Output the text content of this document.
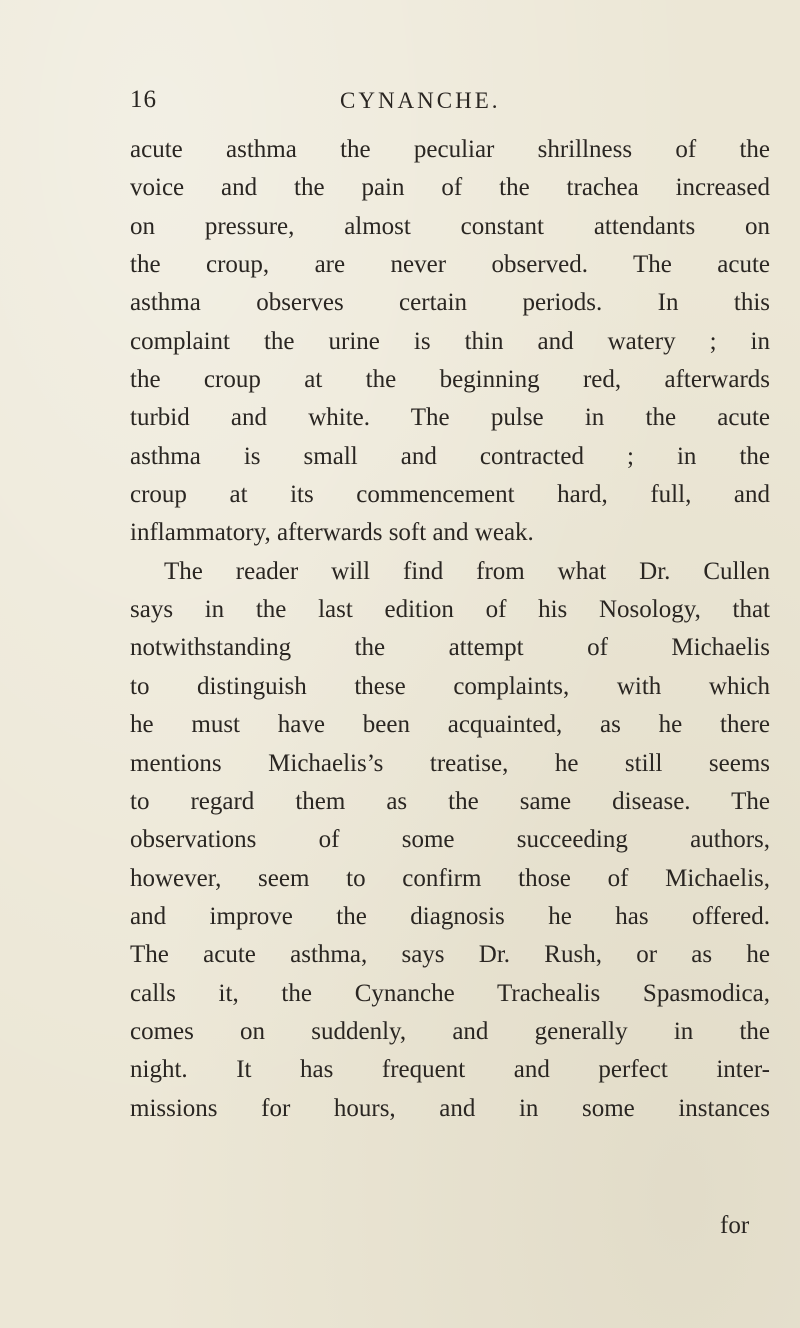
16	CYNANCHE.
acute asthma the peculiar shrillness of the
voice and the pain of the trachea increased
on pressure, almost constant attendants on
the croup, are never observed. The acute
asthma observes certain periods. In this
complaint the urine is thin and watery ; in
the croup at the beginning red, afterwards
turbid and white. The pulse in the acute
asthma is small and contracted ; in the
croup at its commencement hard, full, and
inflammatory, afterwards soft and weak.
The reader will find from what Dr. Cullen
says in the last edition of his Nosology, that
notwithstanding the attempt of Michaelis
to distinguish these complaints, with which
he must have been acquainted, as he there
mentions Michaelis’s treatise, he still seems
to regard them as the same disease. The
observations of some succeeding authors,
however, seem to confirm those of Michaelis,
and improve the diagnosis he has offered.
The acute asthma, says Dr. Rush, or as he
calls it, the Cynanche Trachealis Spasmodica,
comes on suddenly, and generally in the
night. It has frequent and perfect inter-
missions for hours, and in some instances
for
